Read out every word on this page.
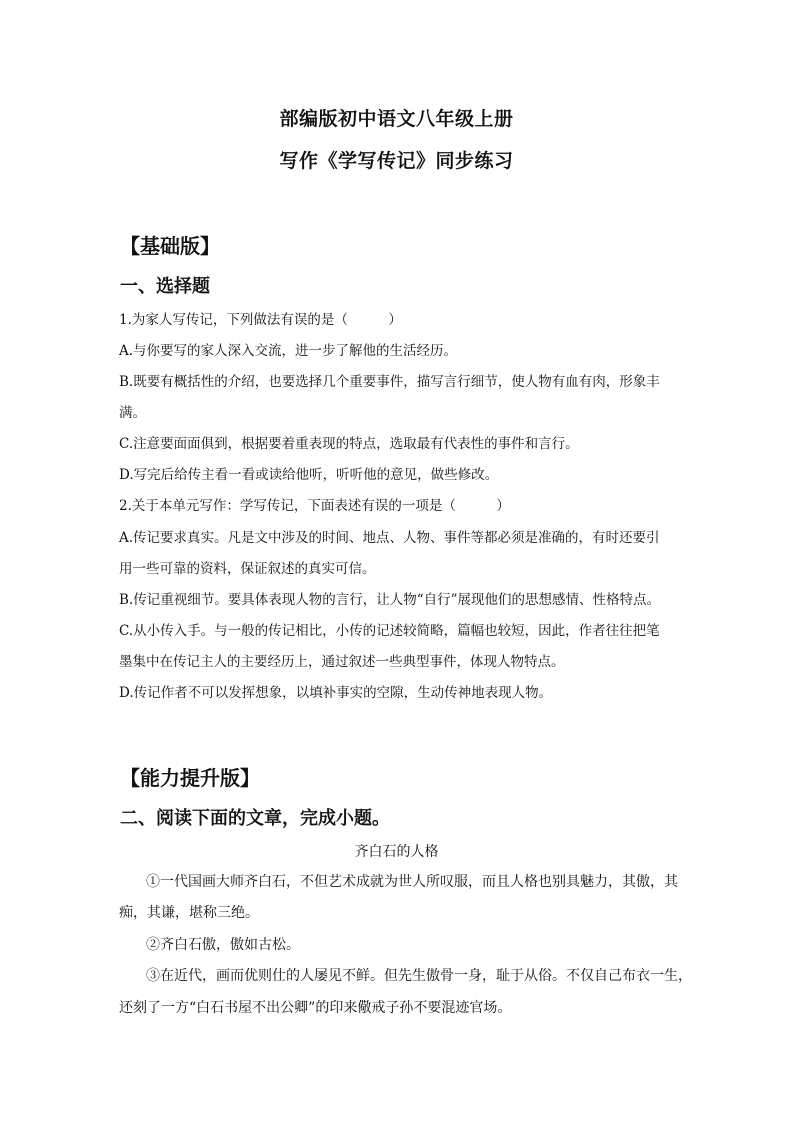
部编版初中语文八年级上册
写作《学写传记》同步练习
【基础版】
一、选择题
1.为家人写传记，下列做法有误的是（　　　）
A.与你要写的家人深入交流，进一步了解他的生活经历。
B.既要有概括性的介绍，也要选择几个重要事件，描写言行细节，使人物有血有肉，形象丰
满。
C.注意要面面俱到，根据要着重表现的特点，选取最有代表性的事件和言行。
D.写完后给传主看一看或读给他听，听听他的意见，做些修改。
2.关于本单元写作：学写传记，下面表述有误的一项是（　　　）
A.传记要求真实。凡是文中涉及的时间、地点、人物、事件等都必须是准确的，有时还要引
用一些可靠的资料，保证叙述的真实可信。
B.传记重视细节。要具体表现人物的言行，让人物“自行”展现他们的思想感情、性格特点。
C.从小传入手。与一般的传记相比，小传的记述较简略，篇幅也较短，因此，作者往往把笔
墨集中在传记主人的主要经历上，通过叙述一些典型事件，体现人物特点。
D.传记作者不可以发挥想象，以填补事实的空隙，生动传神地表现人物。
【能力提升版】
二、阅读下面的文章，完成小题。
齐白石的人格
①一代国画大师齐白石，不但艺术成就为世人所叹服，而且人格也别具魅力，其傲，其
痴，其谦，堪称三绝。
②齐白石傲，傲如古松。
③在近代，画而优则仕的人屡见不鲜。但先生傲骨一身，耻于从俗。不仅自己布衣一生，
还刻了一方“白石书屋不出公卿”的印来儆戒子孙不要混迹官场。
